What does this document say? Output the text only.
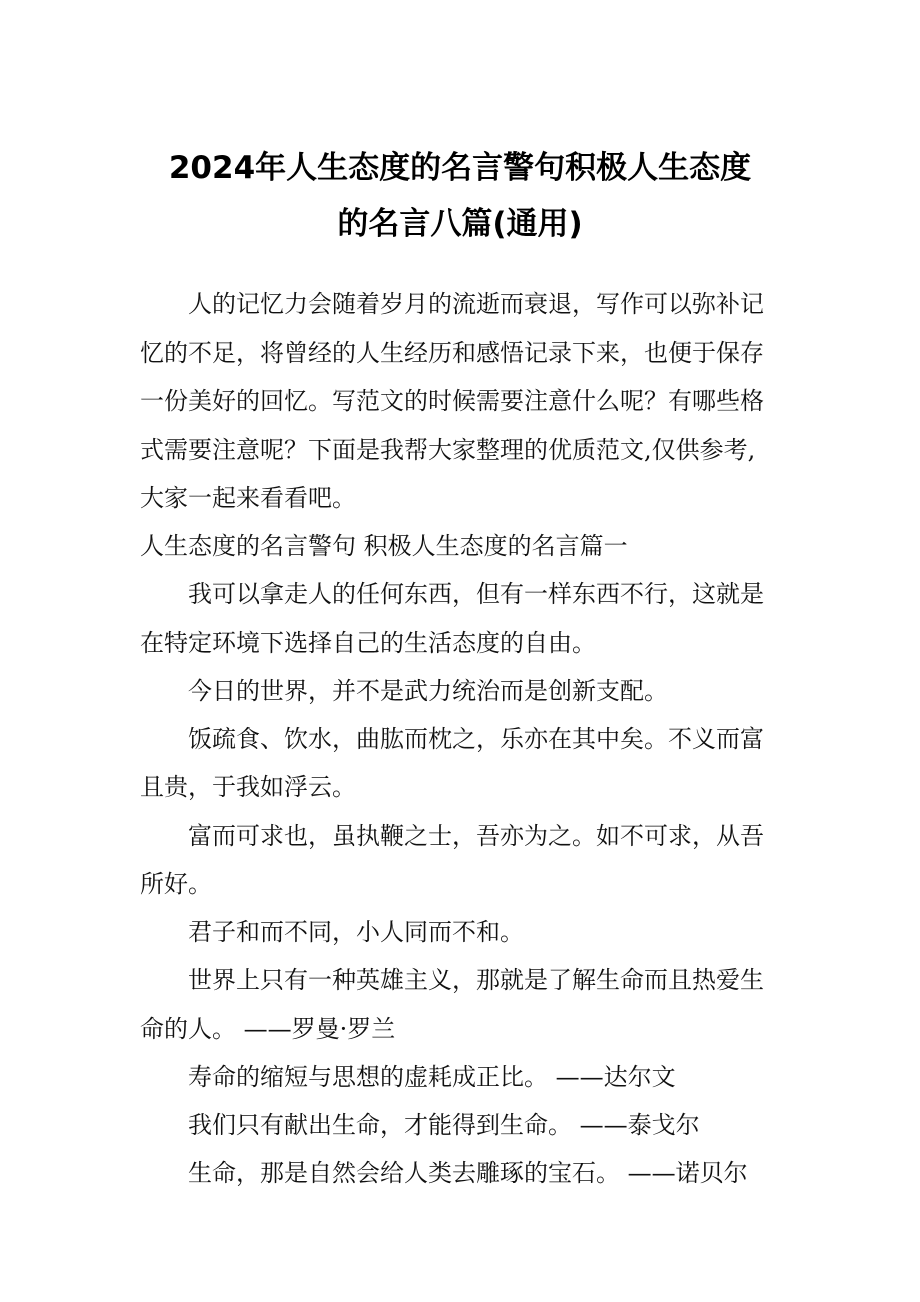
2024年人生态度的名言警句积极人生态度
的名言八篇(通用)
人的记忆力会随着岁月的流逝而衰退，写作可以弥补记
忆的不足，将曾经的人生经历和感悟记录下来，也便于保存
一份美好的回忆。写范文的时候需要注意什么呢？有哪些格
式需要注意呢？下面是我帮大家整理的优质范文,仅供参考,
大家一起来看看吧。
人生态度的名言警句 积极人生态度的名言篇一
我可以拿走人的任何东西，但有一样东西不行，这就是
在特定环境下选择自己的生活态度的自由。
今日的世界，并不是武力统治而是创新支配。
饭疏食、饮水，曲肱而枕之，乐亦在其中矣。不义而富
且贵，于我如浮云。
富而可求也，虽执鞭之士，吾亦为之。如不可求，从吾
所好。
君子和而不同，小人同而不和。
世界上只有一种英雄主义，那就是了解生命而且热爱生
命的人。 ——罗曼·罗兰
寿命的缩短与思想的虚耗成正比。 ——达尔文
我们只有献出生命，才能得到生命。 ——泰戈尔
生命，那是自然会给人类去雕琢的宝石。 ——诺贝尔
